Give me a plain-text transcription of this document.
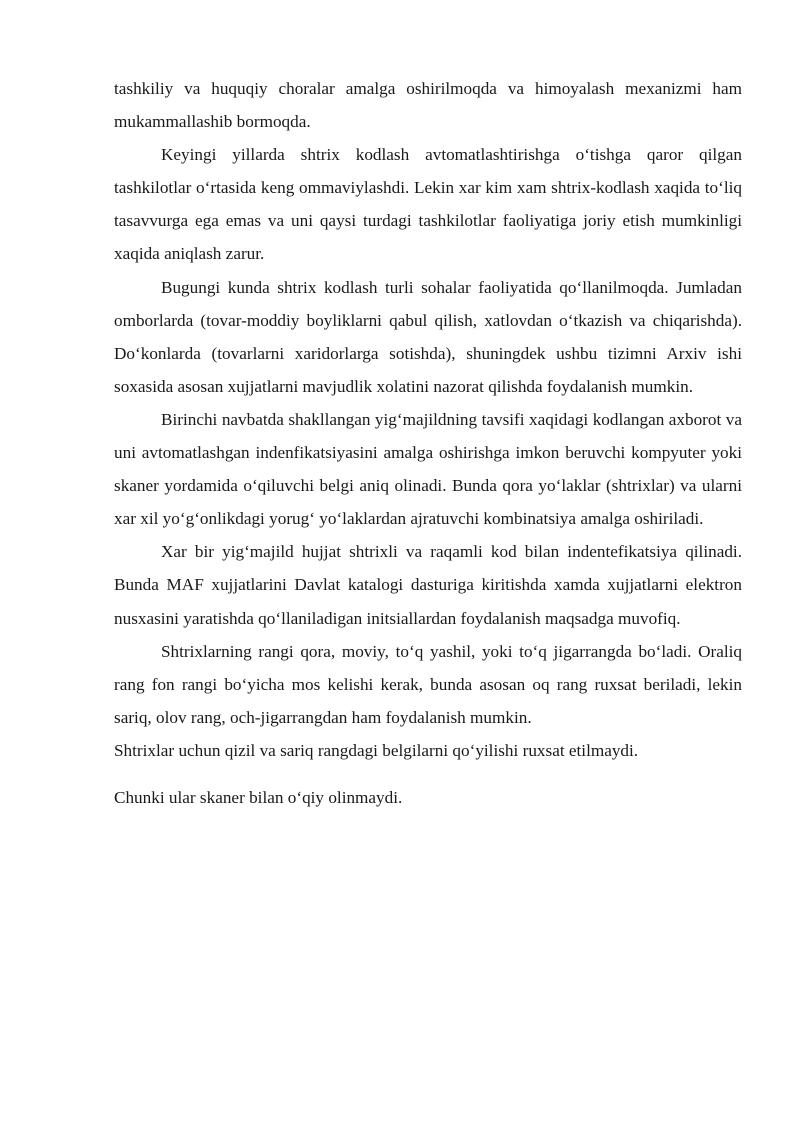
tashkiliy va huquqiy choralar amalga oshirilmoqda va himoyalash mexanizmi ham mukammallashib bormoqda.
Keyingi yillarda shtrix kodlash avtomatlashtirishga o‘tishga qaror qilgan tashkilotlar o‘rtasida keng ommaviylashdi. Lekin xar kim xam shtrix-kodlash xaqida to‘liq tasavvurga ega emas va uni qaysi turdagi tashkilotlar faoliyatiga joriy etish mumkinligi xaqida aniqlash zarur.
Bugungi kunda shtrix kodlash turli sohalar faoliyatida qo‘llanilmoqda. Jumladan omborlarda (tovar-moddiy boyliklarni qabul qilish, xatlovdan o‘tkazish va chiqarishda). Do‘konlarda (tovarlarni xaridorlarga sotishda), shuningdek ushbu tizimni Arxiv ishi soxasida asosan xujjatlarni mavjudlik xolatini nazorat qilishda foydalanish mumkin.
Birinchi navbatda shakllangan yig‘majildning tavsifi xaqidagi kodlangan axborot va uni avtomatlashgan indenfikatsiyasini amalga oshirishga imkon beruvchi kompyuter yoki skaner yordamida o‘qiluvchi belgi aniq olinadi. Bunda qora yo‘laklar (shtrixlar) va ularni xar xil yo‘g‘onlikdagi yorug‘ yo‘laklardan ajratuvchi kombinatsiya amalga oshiriladi.
Xar bir yig‘majild hujjat shtrixli va raqamli kod bilan indentefikatsiya qilinadi. Bunda MAF xujjatlarini Davlat katalogi dasturiga kiritishda xamda xujjatlarni elektron nusxasini yaratishda qo‘llaniladigan initsiallardan foydalanish maqsadga muvofiq.
Shtrixlarning rangi qora, moviy, to‘q yashil, yoki to‘q jigarrangda bo‘ladi. Oraliq rang fon rangi bo‘yicha mos kelishi kerak, bunda asosan oq rang ruxsat beriladi, lekin sariq, olov rang, och-jigarrangdan ham foydalanish mumkin.
Shtrixlar uchun qizil va sariq rangdagi belgilarni qo‘yilishi ruxsat etilmaydi.
Chunki ular skaner bilan o‘qiy olinmaydi.
